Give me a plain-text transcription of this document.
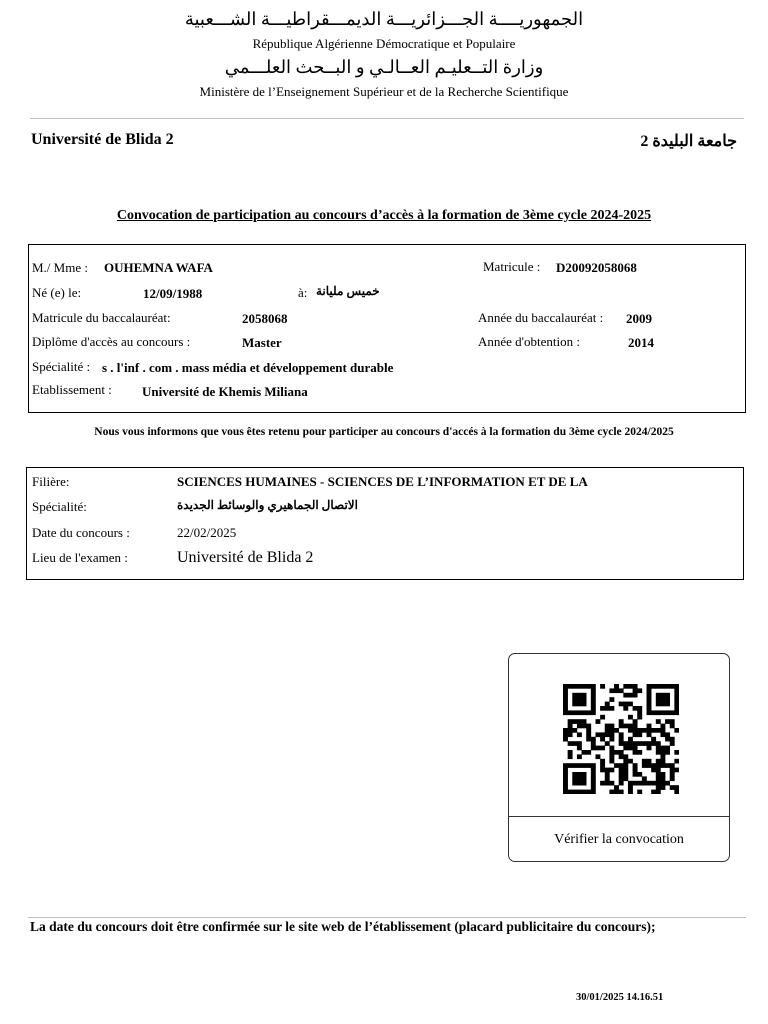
الجمهوريــــة الجـــزائريـــة الديمـــقراطيـــة الشـــعبية
République Algérienne Démocratique et Populaire
وزارة التــعليـم العــالـي و البــحث العلـــمي
Ministère de l’Enseignement Supérieur et de la Recherche Scientifique
Université de Blida 2	جامعة البليدة 2
Convocation de participation au concours d’accès à la formation de 3ème cycle 2024-2025
M./ Mme : OUHEMNA WAFA	Matricule : D20092058068
Né (e) le:	12/09/1988	à: خميس مليانة
Matricule du baccalauréat:	2058068	Année du baccalauréat : 2009
Diplôme d'accès au concours :	Master	Année d'obtention :	2014
Spécialité : s . l'inf . com . mass média et développement durable
Etablissement : Université de Khemis Miliana
Nous vous informons que vous êtes retenu pour participer au concours d'accés à la formation du 3ème cycle 2024/2025
Filière:	SCIENCES HUMAINES - SCIENCES DE L’INFORMATION ET DE LA
Spécialité:	الاتصال الجماهيري والوسائط الجديدة
Date du concours :	22/02/2025
Lieu de l'examen :	Université de Blida 2
Vérifier la convocation
La date du concours doit être confirmée sur le site web de l’établissement (placard publicitaire du concours);
30/01/2025 14.16.51
